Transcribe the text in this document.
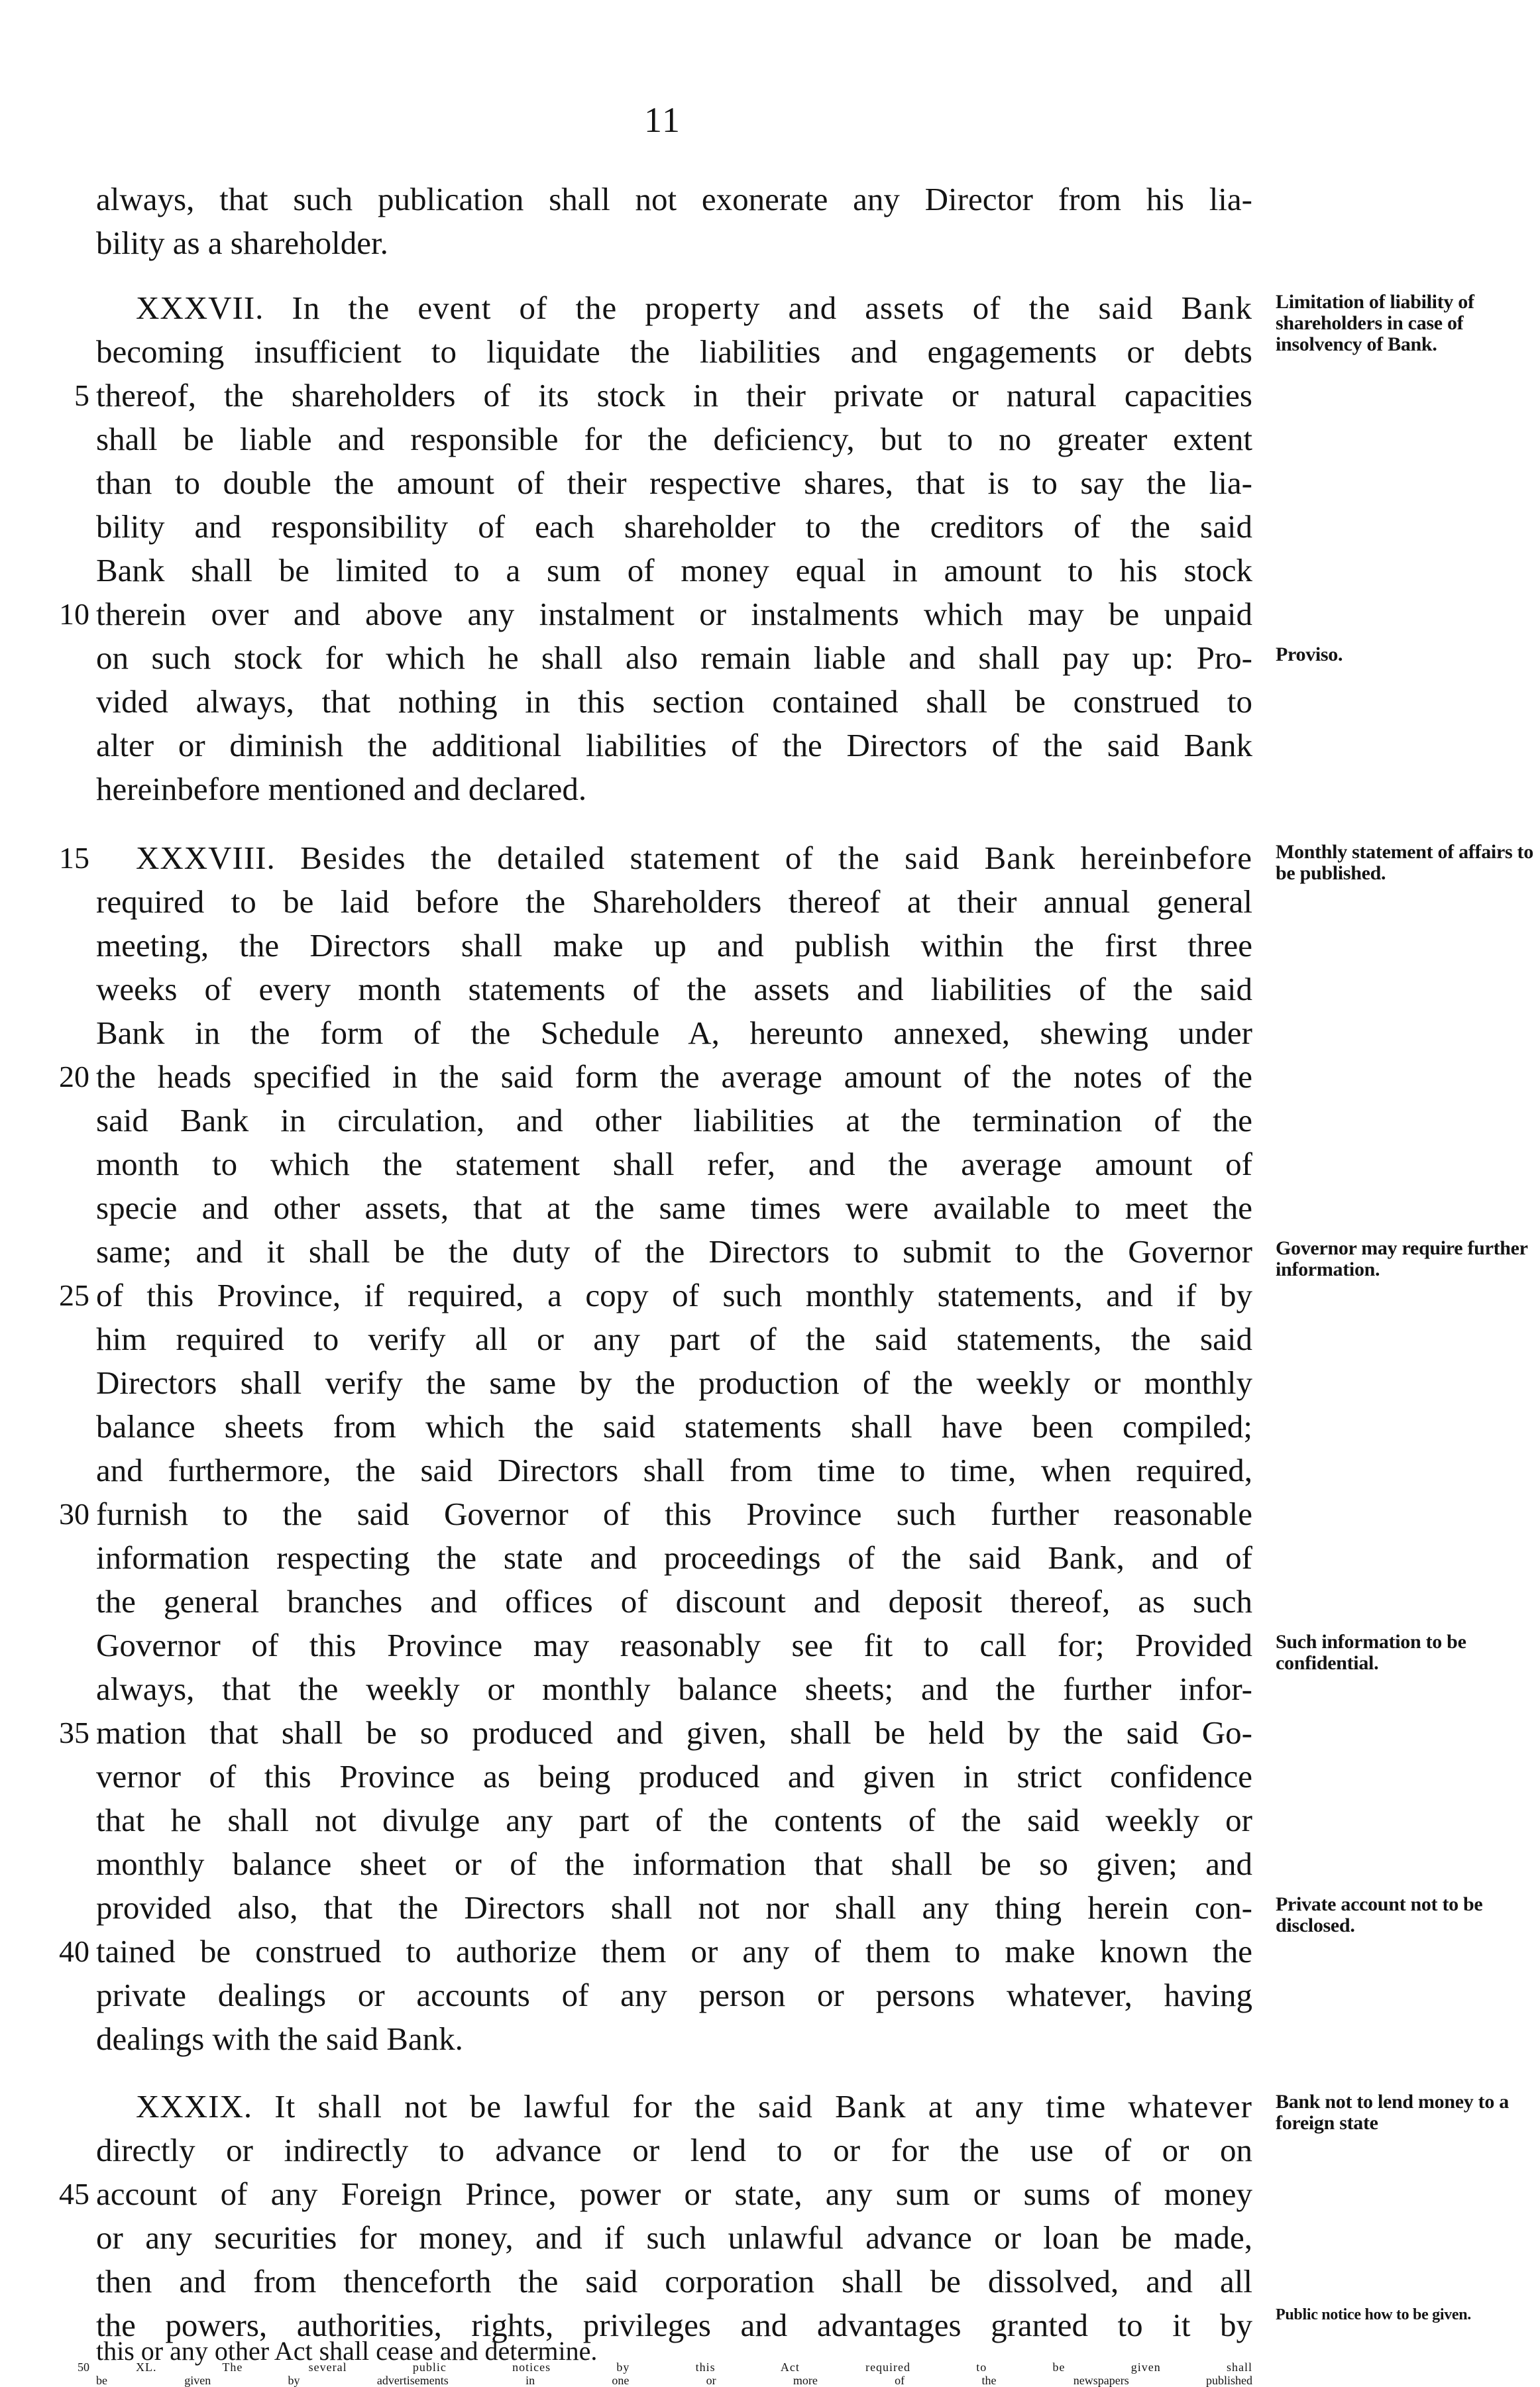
11
always, that such publication shall not exonerate any Director from his lia-
bility as a shareholder.
XXXVII. In the event of the property and assets of the said Bank
becoming insufficient to liquidate the liabilities and engagements or debts
thereof, the shareholders of its stock in their private or natural capacities
shall be liable and responsible for the deficiency, but to no greater extent
than to double the amount of their respective shares, that is to say the lia-
bility and responsibility of each shareholder to the creditors of the said
Bank shall be limited to a sum of money equal in amount to his stock
therein over and above any instalment or instalments which may be unpaid
on such stock for which he shall also remain liable and shall pay up: Pro-
vided always, that nothing in this section contained shall be construed to
alter or diminish the additional liabilities of the Directors of the said Bank
hereinbefore mentioned and declared.
XXXVIII. Besides the detailed statement of the said Bank hereinbefore
required to be laid before the Shareholders thereof at their annual general
meeting, the Directors shall make up and publish within the first three
weeks of every month statements of the assets and liabilities of the said
Bank in the form of the Schedule A, hereunto annexed, shewing under
the heads specified in the said form the average amount of the notes of the
said Bank in circulation, and other liabilities at the termination of the
month to which the statement shall refer, and the average amount of
specie and other assets, that at the same times were available to meet the
same; and it shall be the duty of the Directors to submit to the Governor
of this Province, if required, a copy of such monthly statements, and if by
him required to verify all or any part of the said statements, the said
Directors shall verify the same by the production of the weekly or monthly
balance sheets from which the said statements shall have been compiled;
and furthermore, the said Directors shall from time to time, when required,
furnish to the said Governor of this Province such further reasonable
information respecting the state and proceedings of the said Bank, and of
the general branches and offices of discount and deposit thereof, as such
Governor of this Province may reasonably see fit to call for; Provided
always, that the weekly or monthly balance sheets; and the further infor-
mation that shall be so produced and given, shall be held by the said Go-
vernor of this Province as being produced and given in strict confidence
that he shall not divulge any part of the contents of the said weekly or
monthly balance sheet or of the information that shall be so given; and
provided also, that the Directors shall not nor shall any thing herein con-
tained be construed to authorize them or any of them to make known the
private dealings or accounts of any person or persons whatever, having
dealings with the said Bank.
XXXIX. It shall not be lawful for the said Bank at any time whatever
directly or indirectly to advance or lend to or for the use of or on
account of any Foreign Prince, power or state, any sum or sums of money
or any securities for money, and if such unlawful advance or loan be made,
then and from thenceforth the said corporation shall be dissolved, and all
the powers, authorities, rights, privileges and advantages granted to it by
this or any other Act shall cease and determine.
XL. The several public notices by this Act required to be given shall
be given by advertisements in one or more of the newspapers published
5
10
15
20
25
30
35
40
45
50
Limitation of liability of shareholders in case of insolvency of Bank.
Proviso.
Monthly statement of affairs to be published.
Governor may require further information.
Such information to be confidential.
Private account not to be disclosed.
Bank not to lend money to a foreign state
Public notice how to be given.
